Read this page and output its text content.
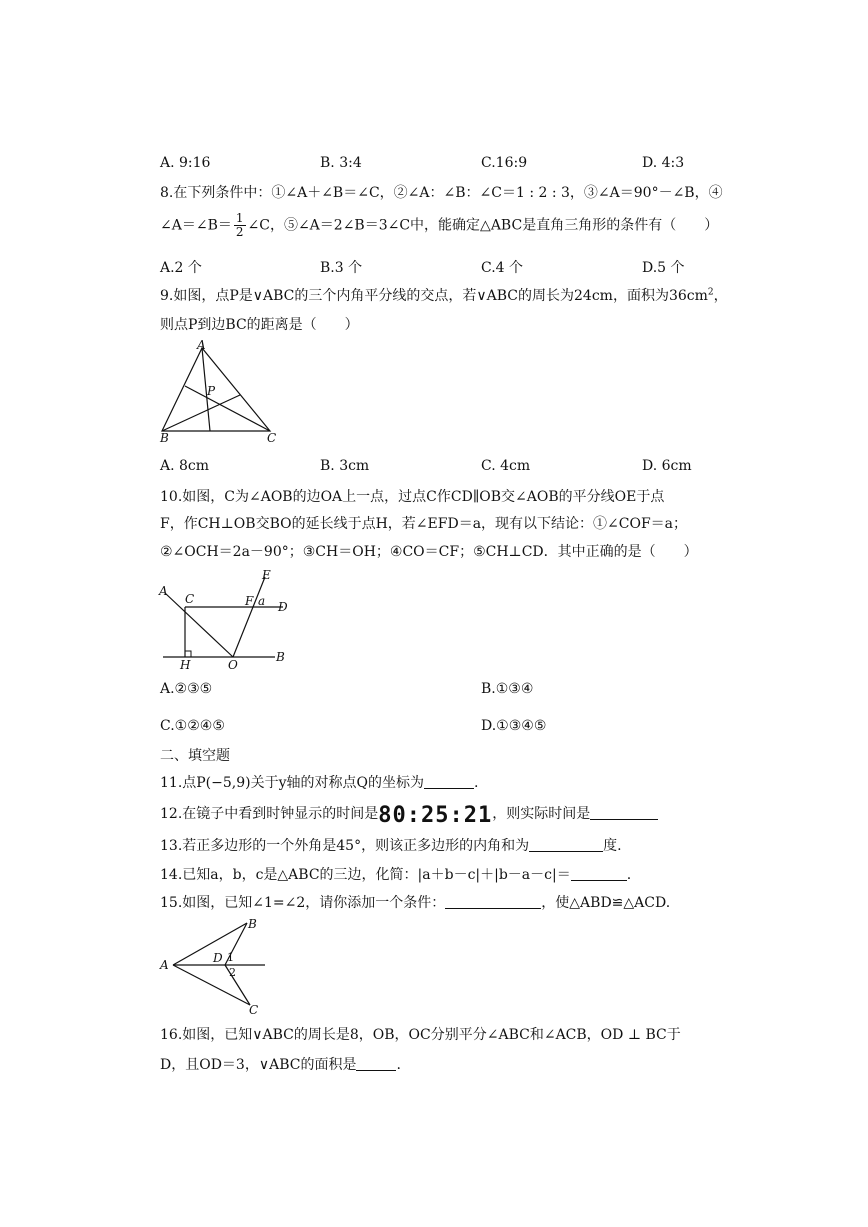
A. 9:16	B. 3:4	C.16:9	D. 4:3
8.在下列条件中：①∠A＋∠B＝∠C，②∠A：∠B：∠C＝1 : 2 : 3，③∠A＝90°－∠B，④
∠A＝∠B＝ $\frac{1}{2}$ ∠C，⑤∠A＝2∠B＝3∠C中，能确定△ABC是直角三角形的条件有（　　）
A.2 个	B.3 个	C.4 个	D.5 个
9.如图，点P是∨ABC的三个内角平分线的交点，若∨ABC的周长为24cm，面积为$36cm^2$，
则点P到边BC的距离是（　　）
A
B	C
P
A. 8cm	B. 3cm	C. 4cm	D. 6cm
10.如图，C为∠AOB的边OA上一点，过点C作CD∥OB交∠AOB的平分线OE于点
F，作CH⊥OB交BO的延长线于点H，若∠EFD＝a，现有以下结论：①∠COF＝a；
②∠OCH＝2a－90°；③CH＝OH；④CO＝CF；⑤CH⊥CD．其中正确的是（　　）
A
C	F a
E
D
H	O
B
A.②③⑤	B.①③④
C.①②④⑤	D.①③④⑤
二、填空题
11.点P(−5,9)关于y轴的对称点Q的坐标为	.
12.在镜子中看到时钟显示的时间是80:25:21，则实际时间是
13.若正多边形的一个外角是45°，则该正多边形的内角和为	度.
14.已知a，b，c是△ABC的三边，化简：|a＋b－c|＋|b－a－c|＝	.
15.如图，已知∠1=∠2，请你添加一个条件：	，使△ABD≌△ACD.
A
B
C
D 1
2
16.如图，已知∨ABC的周长是8，OB，OC分别平分∠ABC和∠ACB，OD ⊥ BC于
D，且OD＝3，∨ABC的面积是	.
